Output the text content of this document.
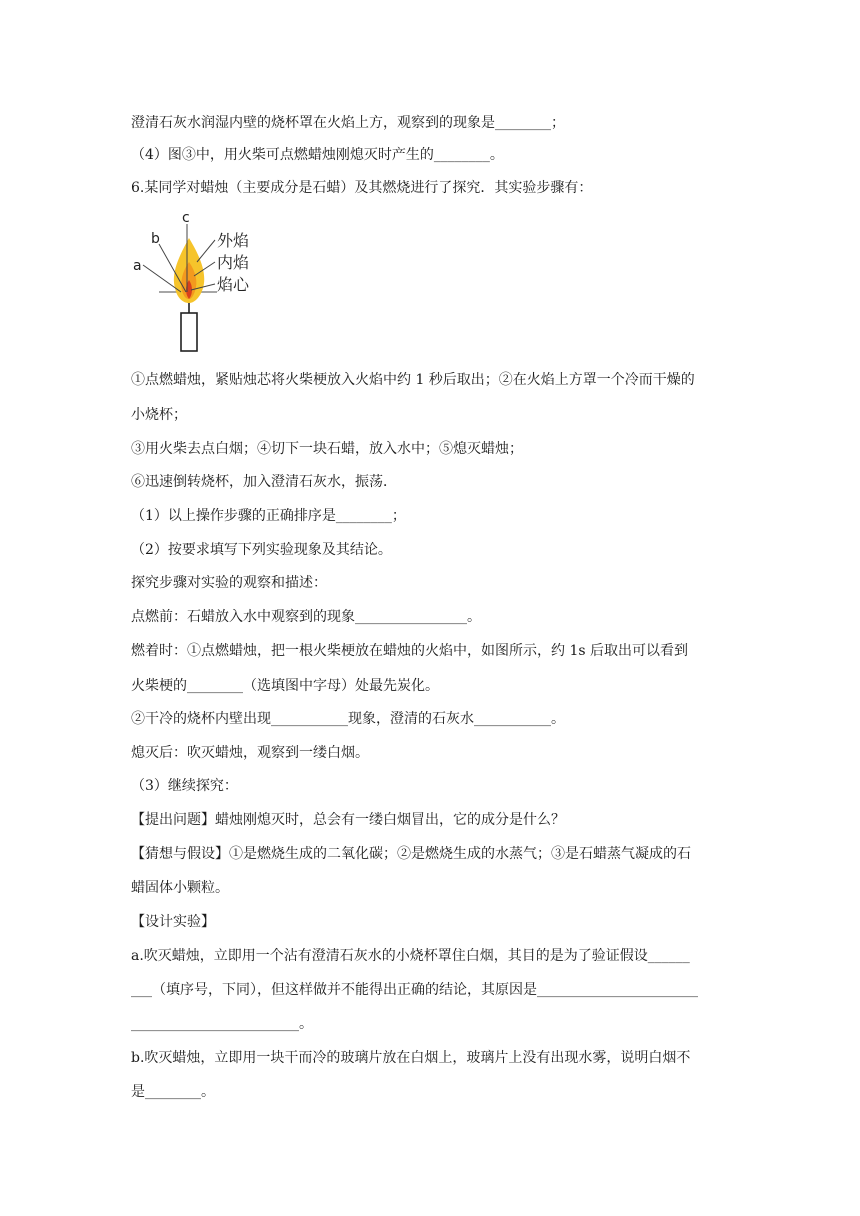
澄清石灰水润湿内壁的烧杯罩在火焰上方，观察到的现象是________；
（4）图③中，用火柴可点燃蜡烛刚熄灭时产生的________。
6.某同学对蜡烛（主要成分是石蜡）及其燃烧进行了探究．其实验步骤有：
a
b
c
外焰
内焰
焰心
①点燃蜡烛，紧贴烛芯将火柴梗放入火焰中约 1 秒后取出；②在火焰上方罩一个冷而干燥的
小烧杯；
③用火柴去点白烟；④切下一块石蜡，放入水中；⑤熄灭蜡烛；
⑥迅速倒转烧杯，加入澄清石灰水，振荡．
（1）以上操作步骤的正确排序是________；
（2）按要求填写下列实验现象及其结论。
探究步骤对实验的观察和描述：
点燃前：石蜡放入水中观察到的现象________________。
燃着时：①点燃蜡烛，把一根火柴梗放在蜡烛的火焰中，如图所示，约 1s 后取出可以看到
火柴梗的________（选填图中字母）处最先炭化。
②干冷的烧杯内壁出现___________现象，澄清的石灰水___________。
熄灭后：吹灭蜡烛，观察到一缕白烟。
（3）继续探究：
【提出问题】蜡烛刚熄灭时，总会有一缕白烟冒出，它的成分是什么？
【猜想与假设】①是燃烧生成的二氧化碳；②是燃烧生成的水蒸气；③是石蜡蒸气凝成的石
蜡固体小颗粒。
【设计实验】
a.吹灭蜡烛，立即用一个沾有澄清石灰水的小烧杯罩住白烟，其目的是为了验证假设______
___（填序号，下同），但这样做并不能得出正确的结论，其原因是_______________________
________________________。
b.吹灭蜡烛，立即用一块干而冷的玻璃片放在白烟上，玻璃片上没有出现水雾，说明白烟不
是________。
